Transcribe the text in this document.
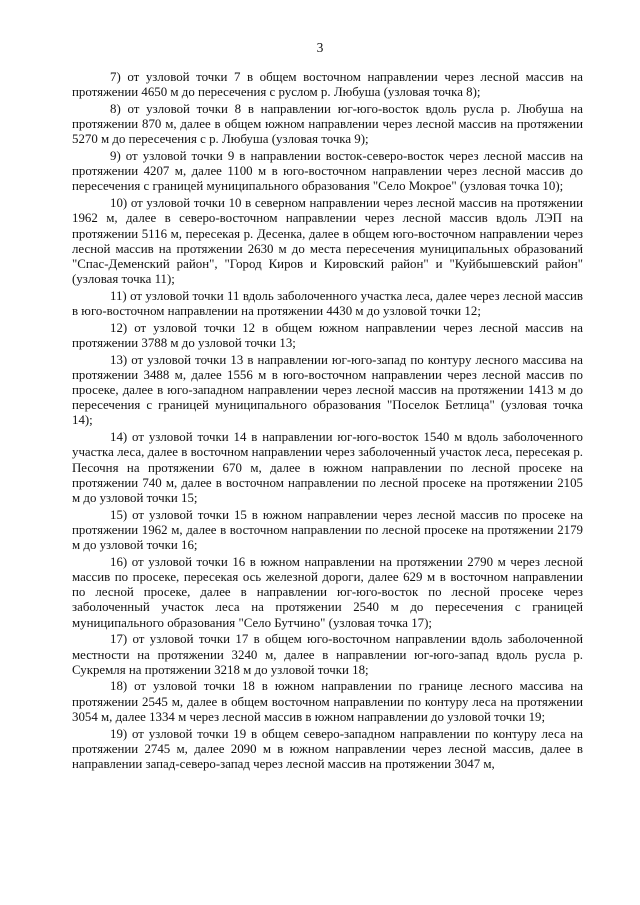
3

7) от узловой точки 7 в общем восточном направлении через лесной массив на протяжении 4650 м до пересечения с руслом р. Любуша (узловая точка 8);

8) от узловой точки 8 в направлении юг-юго-восток вдоль русла р. Любуша на протяжении 870 м, далее в общем южном направлении через лесной массив на протяжении 5270 м до пересечения с р. Любуша (узловая точка 9);

9) от узловой точки 9 в направлении восток-северо-восток через лесной массив на протяжении 4207 м, далее 1100 м в юго-восточном направлении через лесной массив до пересечения с границей муниципального образования "Село Мокрое" (узловая точка 10);

10) от узловой точки 10 в северном направлении через лесной массив на протяжении 1962 м, далее в северо-восточном направлении через лесной массив вдоль ЛЭП на протяжении 5116 м, пересекая р. Десенка, далее в общем юго-восточном направлении через лесной массив на протяжении 2630 м до места пересечения муниципальных образований "Спас-Деменский район", "Город Киров и Кировский район" и "Куйбышевский район" (узловая точка 11);

11) от узловой точки 11 вдоль заболоченного участка леса, далее через лесной массив в юго-восточном направлении на протяжении 4430 м до узловой точки 12;

12) от узловой точки 12 в общем южном направлении через лесной массив на протяжении 3788 м до узловой точки 13;

13) от узловой точки 13 в направлении юг-юго-запад по контуру лесного массива на протяжении 3488 м, далее 1556 м в юго-восточном направлении через лесной массив по просеке, далее в юго-западном направлении через лесной массив на протяжении 1413 м до пересечения с границей муниципального образования "Поселок Бетлица" (узловая точка 14);

14) от узловой точки 14 в направлении юг-юго-восток 1540 м вдоль заболоченного участка леса, далее в восточном направлении через заболоченный участок леса, пересекая р. Песочня на протяжении 670 м, далее в южном направлении по лесной просеке на протяжении 740 м, далее в восточном направлении по лесной просеке на протяжении 2105 м до узловой точки 15;

15) от узловой точки 15 в южном направлении через лесной массив по просеке на протяжении 1962 м, далее в восточном направлении по лесной просеке на протяжении 2179 м до узловой точки 16;

16) от узловой точки 16 в южном направлении на протяжении 2790 м через лесной массив по просеке, пересекая ось железной дороги, далее 629 м в восточном направлении по лесной просеке, далее в направлении юг-юго-восток по лесной просеке через заболоченный участок леса на протяжении 2540 м до пересечения с границей муниципального образования "Село Бутчино" (узловая точка 17);

17) от узловой точки 17 в общем юго-восточном направлении вдоль заболоченной местности на протяжении 3240 м, далее в направлении юг-юго-запад вдоль русла р. Сукремля на протяжении 3218 м до узловой точки 18;

18) от узловой точки 18 в южном направлении по границе лесного массива на протяжении 2545 м, далее в общем восточном направлении по контуру леса на протяжении 3054 м, далее 1334 м через лесной массив в южном направлении до узловой точки 19;

19) от узловой точки 19 в общем северо-западном направлении по контуру леса на протяжении 2745 м, далее 2090 м в южном направлении через лесной массив, далее в направлении запад-северо-запад через лесной массив на протяжении 3047 м,
